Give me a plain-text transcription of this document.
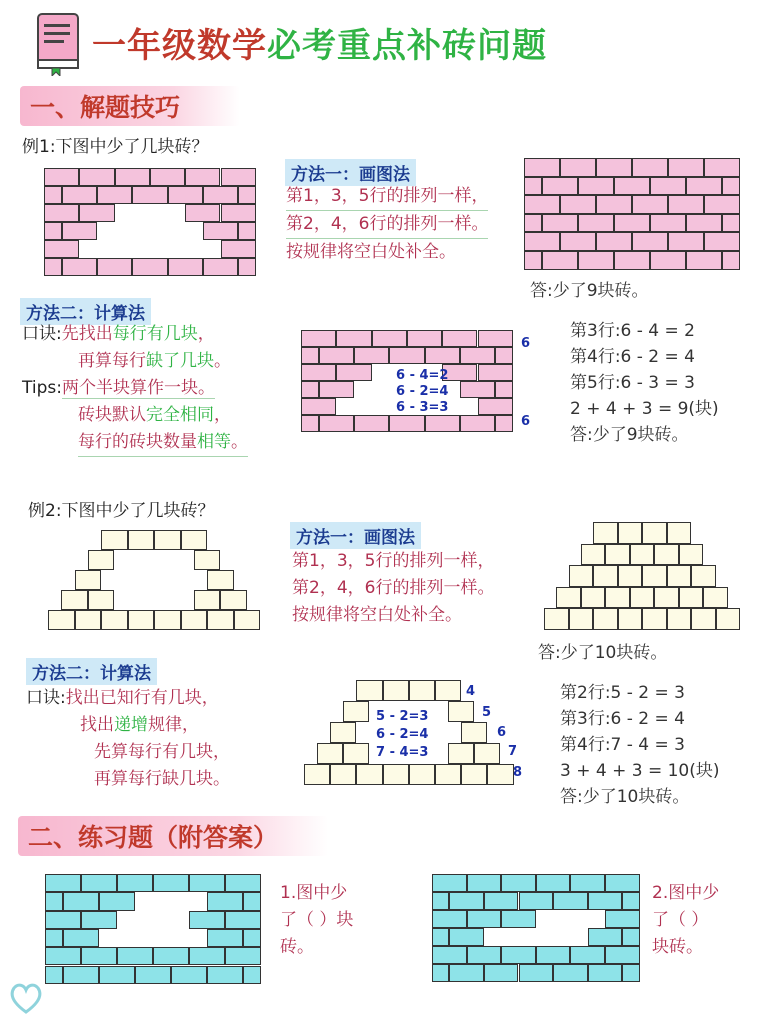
一年级数学必考重点补砖问题
一、解题技巧
例1:下图中少了几块砖？
方法一：画图法
第1，3，5行的排列一样，
第2，4，6行的排列一样。
按规律将空白处补全。
答:少了9块砖。
方法二：计算法
口诀:先找出每行有几块，
再算每行缺了几块。
Tips:两个半块算作一块。
砖块默认完全相同，
每行的砖块数量相等。
6
6
6 - 4=2
6 - 2=4
6 - 3=3
第3行:6 - 4 = 2
第4行:6 - 2 = 4
第5行:6 - 3 = 3
2 + 4 + 3 = 9(块)
答:少了9块砖。
例2:下图中少了几块砖？
方法一：画图法
第1，3，5行的排列一样，
第2，4，6行的排列一样。
按规律将空白处补全。
答:少了10块砖。
方法二：计算法
口诀:找出已知行有几块，
找出递增规律，
先算每行有几块，
再算每行缺几块。
4
5
6
7
8
5 - 2=3
6 - 2=4
7 - 4=3
第2行:5 - 2 = 3
第3行:6 - 2 = 4
第4行:7 - 4 = 3
3 + 4 + 3 = 10(块)
答:少了10块砖。
二、练习题（附答案）
1.图中少
了（ ）块
砖。
2.图中少
了（ ）
块砖。
